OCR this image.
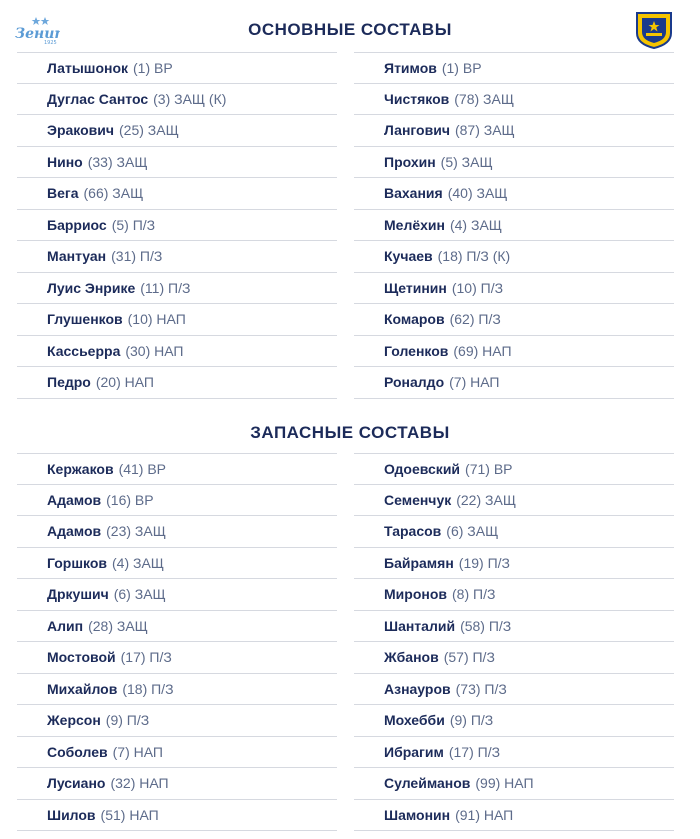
Зени
1925
ОСНОВНЫЕ СОСТАВЫ
Латышонок (1) ВР
Дуглас Сантос (3) ЗАЩ (К)
Эракович (25) ЗАЩ
Нино (33) ЗАЩ
Вега (66) ЗАЩ
Барриос (5) П/З
Мантуан (31) П/З
Луис Энрике (11) П/З
Глушенков (10) НАП
Кассьерра (30) НАП
Педро (20) НАП
Ятимов (1) ВР
Чистяков (78) ЗАЩ
Лангович (87) ЗАЩ
Прохин (5) ЗАЩ
Вахания (40) ЗАЩ
Мелёхин (4) ЗАЩ
Кучаев (18) П/З (К)
Щетинин (10) П/З
Комаров (62) П/З
Голенков (69) НАП
Роналдо (7) НАП
ЗАПАСНЫЕ СОСТАВЫ
Кержаков (41) ВР
Адамов (16) ВР
Адамов (23) ЗАЩ
Горшков (4) ЗАЩ
Дркушич (6) ЗАЩ
Алип (28) ЗАЩ
Мостовой (17) П/З
Михайлов (18) П/З
Жерсон (9) П/З
Соболев (7) НАП
Лусиано (32) НАП
Шилов (51) НАП
Одоевский (71) ВР
Семенчук (22) ЗАЩ
Тарасов (6) ЗАЩ
Байрамян (19) П/З
Миронов (8) П/З
Шанталий (58) П/З
Жбанов (57) П/З
Азнауров (73) П/З
Мохебби (9) П/З
Ибрагим (17) П/З
Сулейманов (99) НАП
Шамонин (91) НАП
